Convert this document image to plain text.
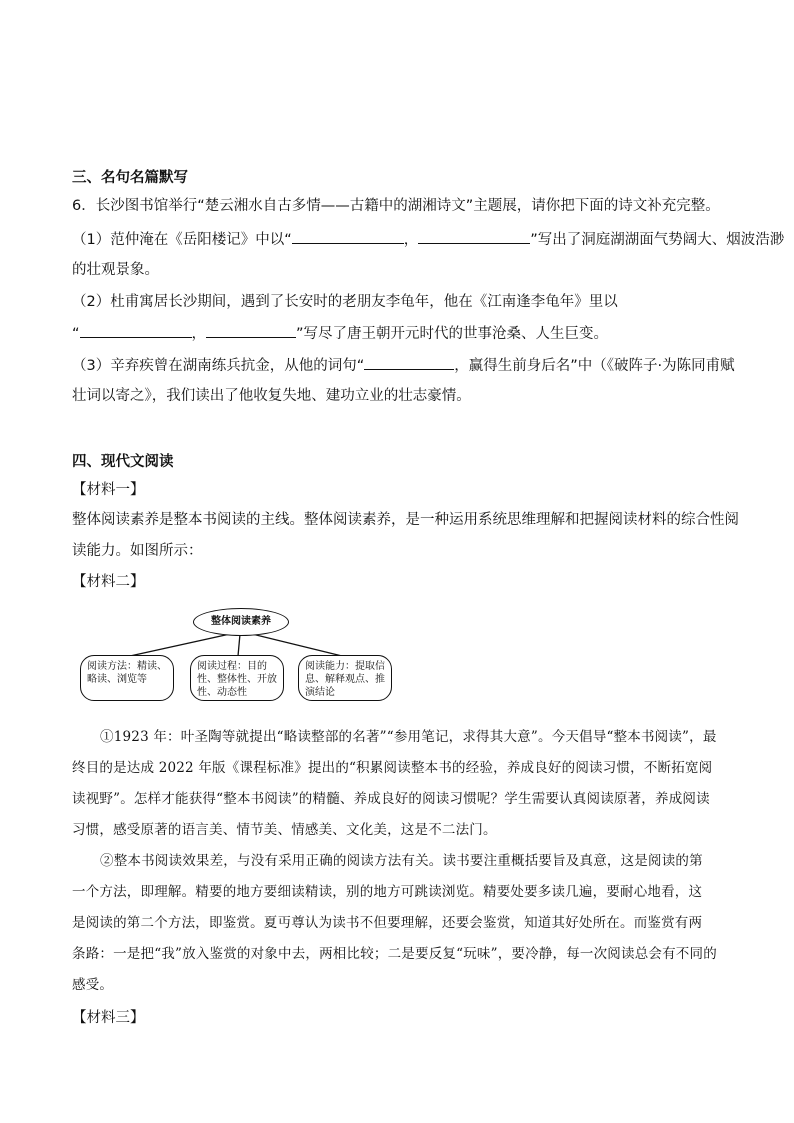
三、名句名篇默写
6．长沙图书馆举行“楚云湘水自古多情——古籍中的湖湘诗文”主题展，请你把下面的诗文补充完整。
（1）范仲淹在《岳阳楼记》中以“	，	”写出了洞庭湖湖面气势阔大、烟波浩渺
的壮观景象。
（2）杜甫寓居长沙期间，遇到了长安时的老朋友李龟年，他在《江南逢李龟年》里以
“	，	”写尽了唐王朝开元时代的世事沧桑、人生巨变。
（3）辛弃疾曾在湖南练兵抗金，从他的词句“	，赢得生前身后名”中（《破阵子·为陈同甫赋
壮词以寄之》，我们读出了他收复失地、建功立业的壮志豪情。
四、现代文阅读
【材料一】
整体阅读素养是整本书阅读的主线。整体阅读素养，是一种运用系统思维理解和把握阅读材料的综合性阅
读能力。如图所示：
【材料二】
整体阅读素养
阅读方法：精读、略读、浏览等
阅读过程：目的性、整体性、开放性、动态性
阅读能力：提取信息、解释观点、推演结论
①1923 年：叶圣陶等就提出“略读整部的名著”“参用笔记，求得其大意”。今天倡导“整本书阅读”，最
终目的是达成 2022 年版《课程标准》提出的“积累阅读整本书的经验，养成良好的阅读习惯，不断拓宽阅
读视野”。怎样才能获得“整本书阅读”的精髓、养成良好的阅读习惯呢？学生需要认真阅读原著，养成阅读
习惯，感受原著的语言美、情节美、情感美、文化美，这是不二法门。
②整本书阅读效果差，与没有采用正确的阅读方法有关。读书要注重概括要旨及真意，这是阅读的第
一个方法，即理解。精要的地方要细读精读，别的地方可跳读浏览。精要处要多读几遍，要耐心地看，这
是阅读的第二个方法，即鉴赏。夏丏尊认为读书不但要理解，还要会鉴赏，知道其好处所在。而鉴赏有两
条路：一是把“我”放入鉴赏的对象中去，两相比较；二是要反复“玩味”，要冷静，每一次阅读总会有不同的
感受。
【材料三】
